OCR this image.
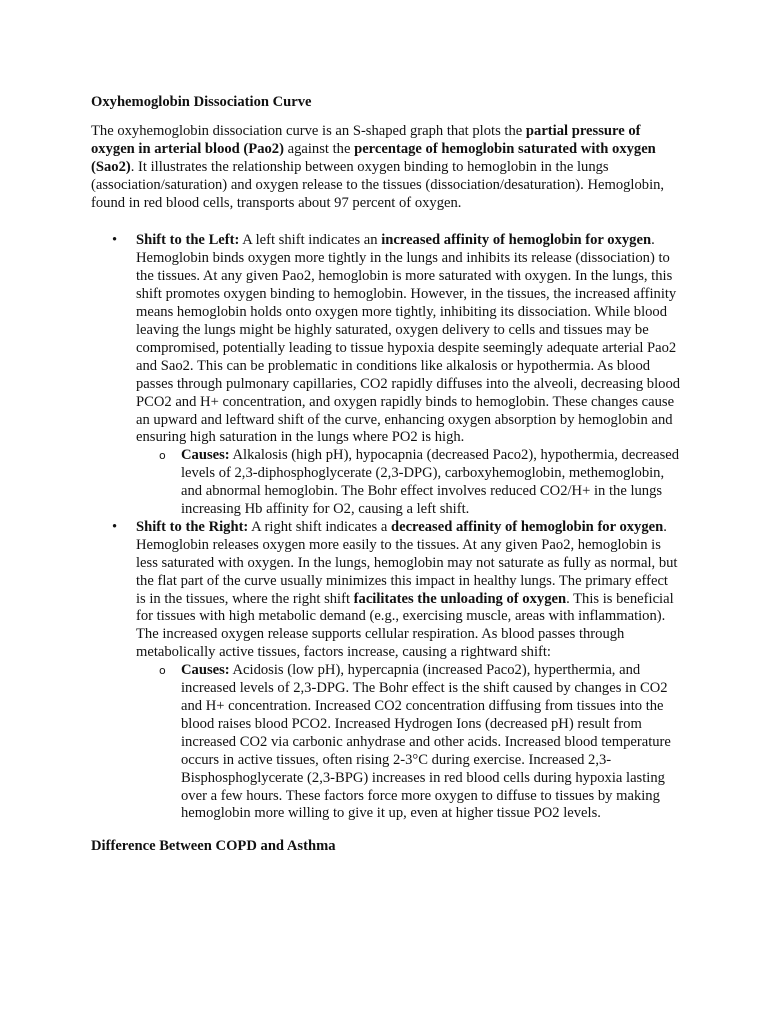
Oxyhemoglobin Dissociation Curve

The oxyhemoglobin dissociation curve is an S-shaped graph that plots the partial pressure of oxygen in arterial blood (Pao2) against the percentage of hemoglobin saturated with oxygen (Sao2). It illustrates the relationship between oxygen binding to hemoglobin in the lungs (association/saturation) and oxygen release to the tissues (dissociation/desaturation). Hemoglobin, found in red blood cells, transports about 97 percent of oxygen.

• Shift to the Left: A left shift indicates an increased affinity of hemoglobin for oxygen. Hemoglobin binds oxygen more tightly in the lungs and inhibits its release (dissociation) to the tissues. At any given Pao2, hemoglobin is more saturated with oxygen. In the lungs, this shift promotes oxygen binding to hemoglobin. However, in the tissues, the increased affinity means hemoglobin holds onto oxygen more tightly, inhibiting its dissociation. While blood leaving the lungs might be highly saturated, oxygen delivery to cells and tissues may be compromised, potentially leading to tissue hypoxia despite seemingly adequate arterial Pao2 and Sao2. This can be problematic in conditions like alkalosis or hypothermia. As blood passes through pulmonary capillaries, CO2 rapidly diffuses into the alveoli, decreasing blood PCO2 and H+ concentration, and oxygen rapidly binds to hemoglobin. These changes cause an upward and leftward shift of the curve, enhancing oxygen absorption by hemoglobin and ensuring high saturation in the lungs where PO2 is high.
o Causes: Alkalosis (high pH), hypocapnia (decreased Paco2), hypothermia, decreased levels of 2,3-diphosphoglycerate (2,3-DPG), carboxyhemoglobin, methemoglobin, and abnormal hemoglobin. The Bohr effect involves reduced CO2/H+ in the lungs increasing Hb affinity for O2, causing a left shift.
• Shift to the Right: A right shift indicates a decreased affinity of hemoglobin for oxygen. Hemoglobin releases oxygen more easily to the tissues. At any given Pao2, hemoglobin is less saturated with oxygen. In the lungs, hemoglobin may not saturate as fully as normal, but the flat part of the curve usually minimizes this impact in healthy lungs. The primary effect is in the tissues, where the right shift facilitates the unloading of oxygen. This is beneficial for tissues with high metabolic demand (e.g., exercising muscle, areas with inflammation). The increased oxygen release supports cellular respiration. As blood passes through metabolically active tissues, factors increase, causing a rightward shift:
o Causes: Acidosis (low pH), hypercapnia (increased Paco2), hyperthermia, and increased levels of 2,3-DPG. The Bohr effect is the shift caused by changes in CO2 and H+ concentration. Increased CO2 concentration diffusing from tissues into the blood raises blood PCO2. Increased Hydrogen Ions (decreased pH) result from increased CO2 via carbonic anhydrase and other acids. Increased blood temperature occurs in active tissues, often rising 2-3°C during exercise. Increased 2,3-Bisphosphoglycerate (2,3-BPG) increases in red blood cells during hypoxia lasting over a few hours. These factors force more oxygen to diffuse to tissues by making hemoglobin more willing to give it up, even at higher tissue PO2 levels.

Difference Between COPD and Asthma
